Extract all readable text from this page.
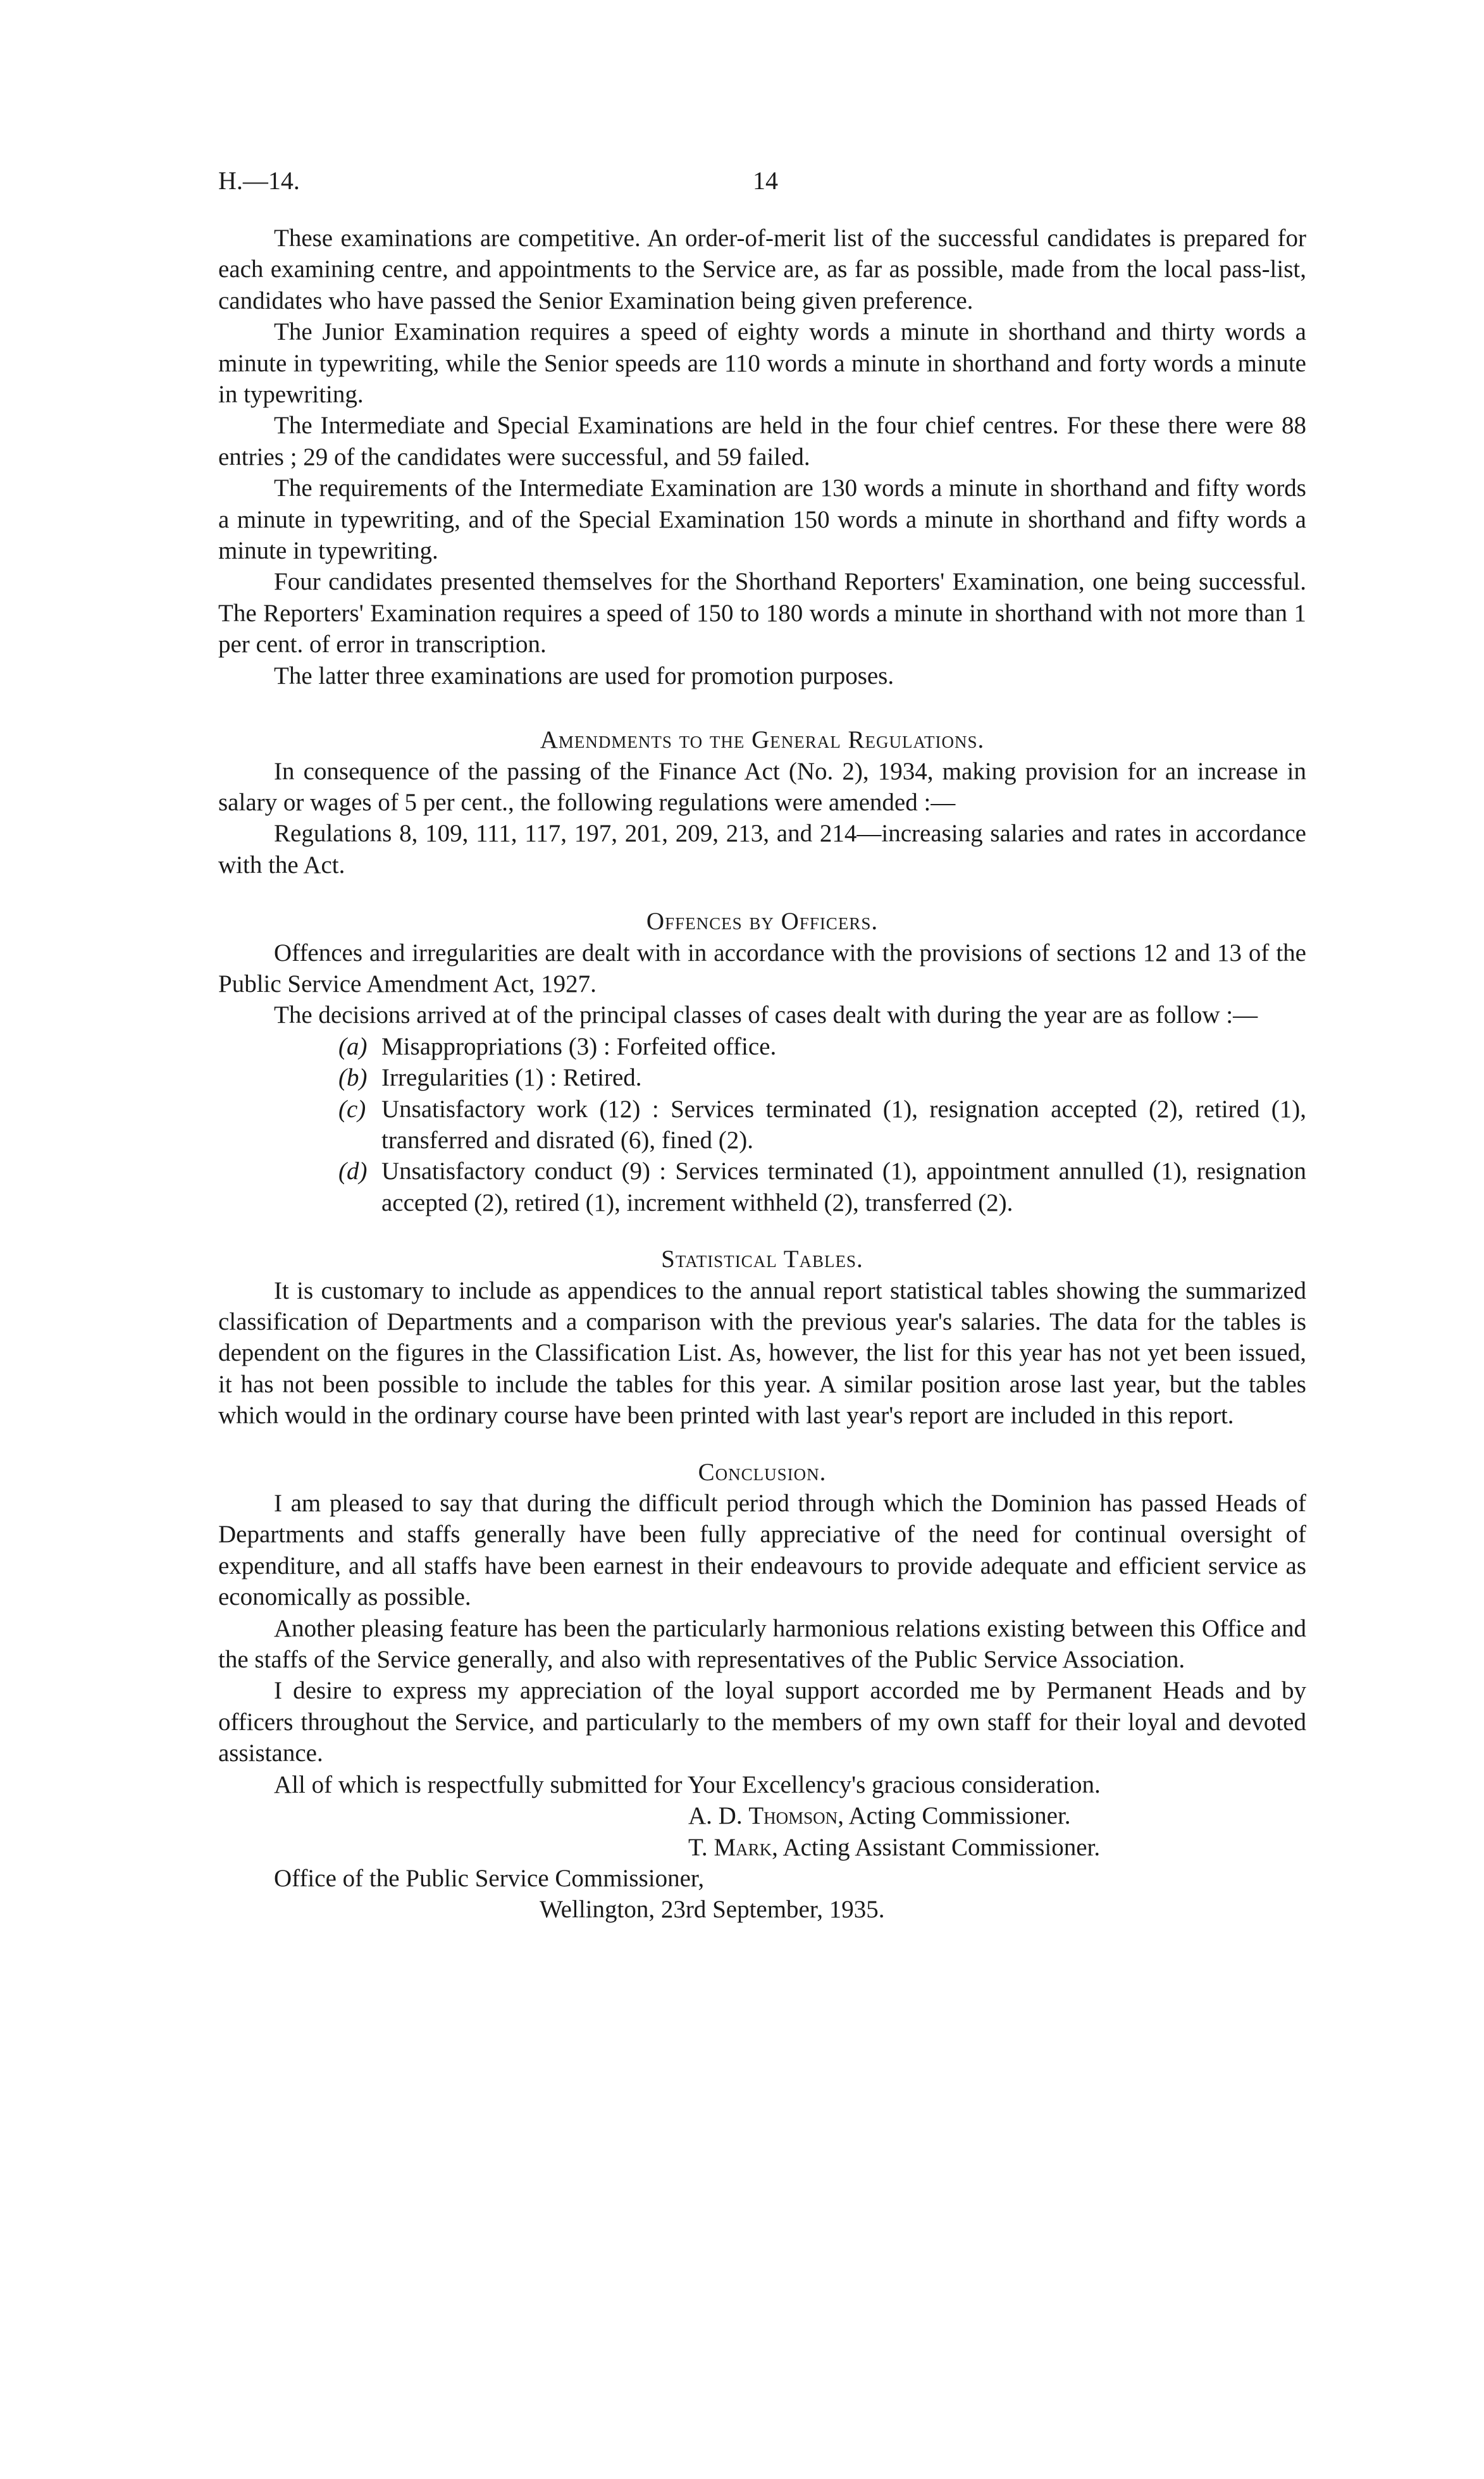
H.—14.	14

These examinations are competitive. An order-of-merit list of the successful candidates is prepared for each examining centre, and appointments to the Service are, as far as possible, made from the local pass-list, candidates who have passed the Senior Examination being given preference.

The Junior Examination requires a speed of eighty words a minute in shorthand and thirty words a minute in typewriting, while the Senior speeds are 110 words a minute in shorthand and forty words a minute in typewriting.

The Intermediate and Special Examinations are held in the four chief centres. For these there were 88 entries ; 29 of the candidates were successful, and 59 failed.

The requirements of the Intermediate Examination are 130 words a minute in shorthand and fifty words a minute in typewriting, and of the Special Examination 150 words a minute in shorthand and fifty words a minute in typewriting.

Four candidates presented themselves for the Shorthand Reporters' Examination, one being successful. The Reporters' Examination requires a speed of 150 to 180 words a minute in shorthand with not more than 1 per cent. of error in transcription.

The latter three examinations are used for promotion purposes.

Amendments to the General Regulations.

In consequence of the passing of the Finance Act (No. 2), 1934, making provision for an increase in salary or wages of 5 per cent., the following regulations were amended :—

Regulations 8, 109, 111, 117, 197, 201, 209, 213, and 214—increasing salaries and rates in accordance with the Act.

Offences by Officers.

Offences and irregularities are dealt with in accordance with the provisions of sections 12 and 13 of the Public Service Amendment Act, 1927.

The decisions arrived at of the principal classes of cases dealt with during the year are as follow :—

(a) Misappropriations (3) : Forfeited office.
(b) Irregularities (1) : Retired.
(c) Unsatisfactory work (12) : Services terminated (1), resignation accepted (2), retired (1), transferred and disrated (6), fined (2).
(d) Unsatisfactory conduct (9) : Services terminated (1), appointment annulled (1), resignation accepted (2), retired (1), increment withheld (2), transferred (2).
Statistical Tables.

It is customary to include as appendices to the annual report statistical tables showing the summarized classification of Departments and a comparison with the previous year's salaries. The data for the tables is dependent on the figures in the Classification List. As, however, the list for this year has not yet been issued, it has not been possible to include the tables for this year. A similar position arose last year, but the tables which would in the ordinary course have been printed with last year's report are included in this report.

Conclusion.

I am pleased to say that during the difficult period through which the Dominion has passed Heads of Departments and staffs generally have been fully appreciative of the need for continual oversight of expenditure, and all staffs have been earnest in their endeavours to provide adequate and efficient service as economically as possible.

Another pleasing feature has been the particularly harmonious relations existing between this Office and the staffs of the Service generally, and also with representatives of the Public Service Association.

I desire to express my appreciation of the loyal support accorded me by Permanent Heads and by officers throughout the Service, and particularly to the members of my own staff for their loyal and devoted assistance.

All of which is respectfully submitted for Your Excellency's gracious consideration.

A. D. Thomson, Acting Commissioner.

T. Mark, Acting Assistant Commissioner.

Office of the Public Service Commissioner,

Wellington, 23rd September, 1935.
